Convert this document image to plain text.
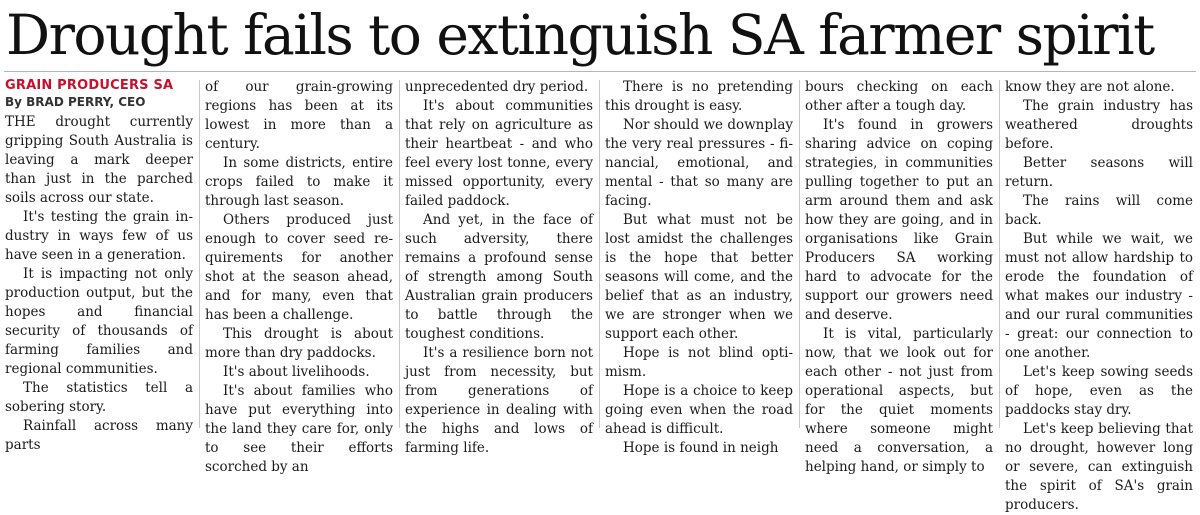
Drought fails to extinguish SA farmer spirit
GRAIN PRODUCERS SA
By BRAD PERRY, CEO

THE drought currently gripping South Australia is leaving a mark deeper than just in the parched soils across our state.

It's testing the grain industry in ways few of us have seen in a generation.

It is impacting not only production output, but the hopes and financial security of thousands of farming families and regional communities.

The statistics tell a sobering story.

Rainfall across many parts

of our grain-growing regions has been at its lowest in more than a century.

In some districts, entire crops failed to make it through last season.

Others produced just enough to cover seed requirements for another shot at the season ahead, and for many, even that has been a challenge.

This drought is about more than dry paddocks.

It's about livelihoods.

It's about families who have put everything into the land they care for, only to see their efforts scorched by an

unprecedented dry period.

It's about communities that rely on agriculture as their heartbeat - and who feel every lost tonne, every missed opportunity, every failed paddock.

And yet, in the face of such adversity, there remains a profound sense of strength among South Australian grain producers to battle through the toughest conditions.

It's a resilience born not just from necessity, but from generations of experience in dealing with the highs and lows of farming life.

There is no pretending this drought is easy.

Nor should we downplay the very real pressures - financial, emotional, and mental - that so many are facing.

But what must not be lost amidst the challenges is the hope that better seasons will come, and the belief that as an industry, we are stronger when we support each other.

Hope is not blind optimism.

Hope is a choice to keep going even when the road ahead is difficult.

Hope is found in neigh

bours checking on each other after a tough day.

It's found in growers sharing advice on coping strategies, in communities pulling together to put an arm around them and ask how they are going, and in organisations like Grain Producers SA working hard to advocate for the support our growers need and deserve.

It is vital, particularly now, that we look out for each other - not just from operational aspects, but for the quiet moments where someone might need a conversation, a helping hand, or simply to

know they are not alone.

The grain industry has weathered droughts before.

Better seasons will return.

The rains will come back.

But while we wait, we must not allow hardship to erode the foundation of what makes our industry - and our rural communities - great: our connection to one another.

Let's keep sowing seeds of hope, even as the paddocks stay dry.

Let's keep believing that no drought, however long or severe, can extinguish the spirit of SA's grain producers.
